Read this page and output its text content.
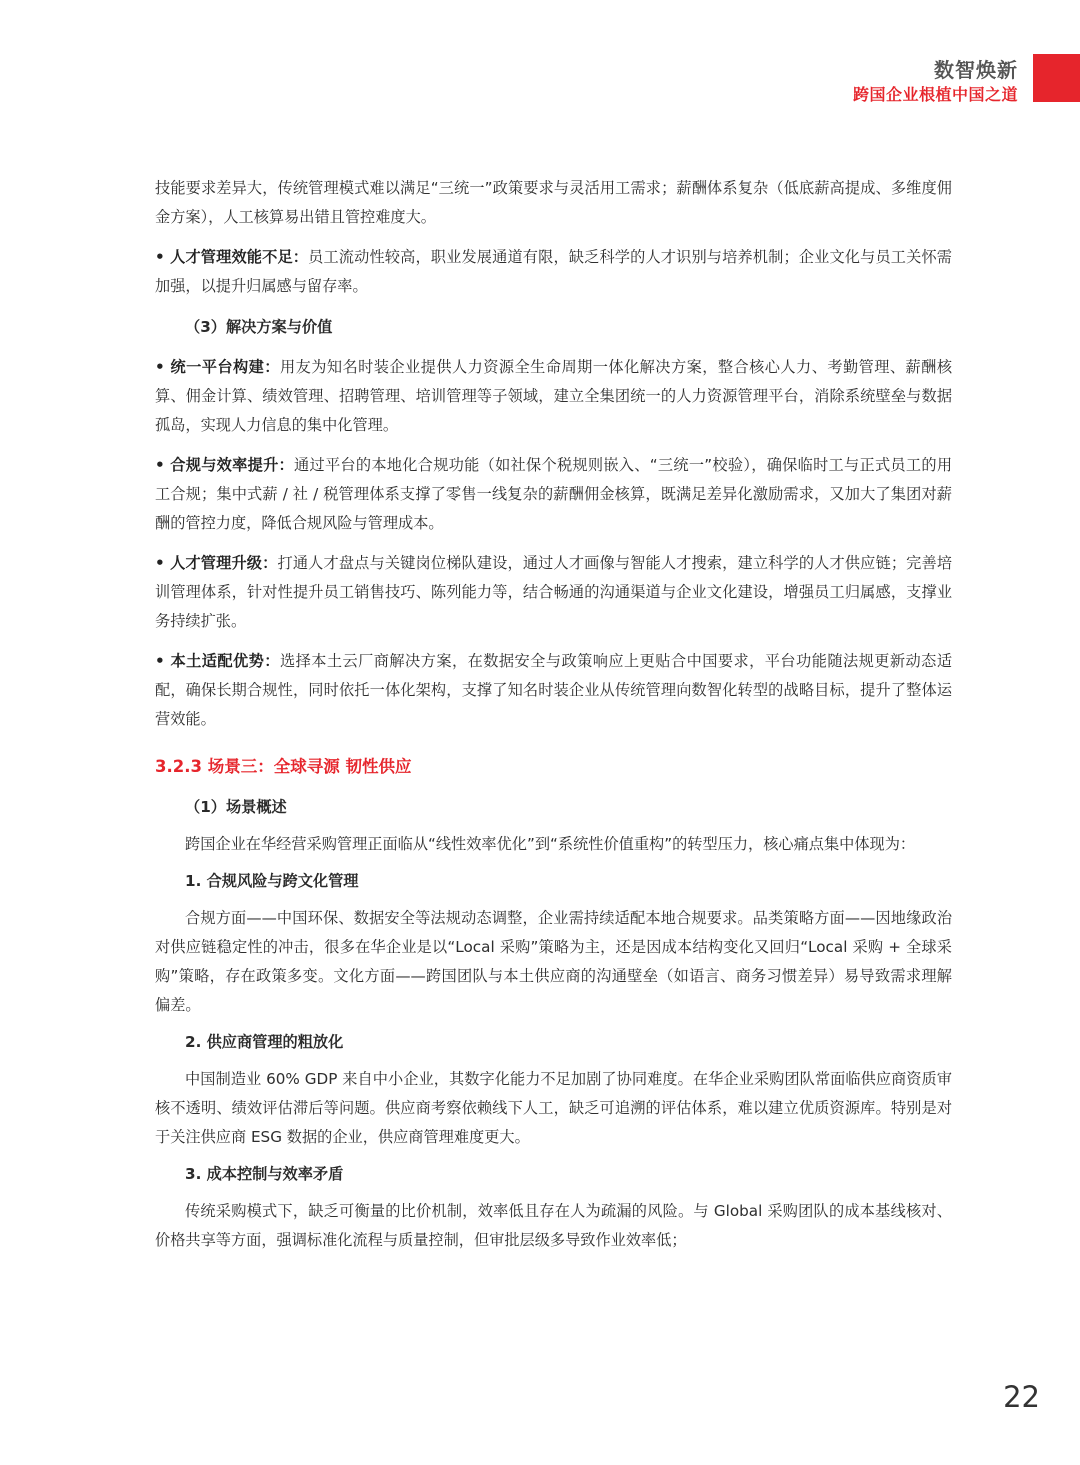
数智焕新
跨国企业根植中国之道

技能要求差异大，传统管理模式难以满足“三统一”政策要求与灵活用工需求；薪酬体系复杂（低底薪高提成、多维度佣金方案），人工核算易出错且管控难度大。

• 人才管理效能不足：员工流动性较高，职业发展通道有限，缺乏科学的人才识别与培养机制；企业文化与员工关怀需加强，以提升归属感与留存率。

（3）解决方案与价值

• 统一平台构建：用友为知名时装企业提供人力资源全生命周期一体化解决方案，整合核心人力、考勤管理、薪酬核算、佣金计算、绩效管理、招聘管理、培训管理等子领域，建立全集团统一的人力资源管理平台，消除系统壁垒与数据孤岛，实现人力信息的集中化管理。

• 合规与效率提升：通过平台的本地化合规功能（如社保个税规则嵌入、“三统一”校验），确保临时工与正式员工的用工合规；集中式薪 / 社 / 税管理体系支撑了零售一线复杂的薪酬佣金核算，既满足差异化激励需求，又加大了集团对薪酬的管控力度，降低合规风险与管理成本。

• 人才管理升级：打通人才盘点与关键岗位梯队建设，通过人才画像与智能人才搜索，建立科学的人才供应链；完善培训管理体系，针对性提升员工销售技巧、陈列能力等，结合畅通的沟通渠道与企业文化建设，增强员工归属感，支撑业务持续扩张。

• 本土适配优势：选择本土云厂商解决方案，在数据安全与政策响应上更贴合中国要求，平台功能随法规更新动态适配，确保长期合规性，同时依托一体化架构，支撑了知名时装企业从传统管理向数智化转型的战略目标，提升了整体运营效能。

3.2.3 场景三：全球寻源 韧性供应
（1）场景概述

跨国企业在华经营采购管理正面临从“线性效率优化”到“系统性价值重构”的转型压力，核心痛点集中体现为：

1. 合规风险与跨文化管理

合规方面——中国环保、数据安全等法规动态调整，企业需持续适配本地合规要求。品类策略方面——因地缘政治对供应链稳定性的冲击，很多在华企业是以“Local 采购”策略为主，还是因成本结构变化又回归“Local 采购 + 全球采购”策略，存在政策多变。文化方面——跨国团队与本土供应商的沟通壁垒（如语言、商务习惯差异）易导致需求理解偏差。

2. 供应商管理的粗放化

中国制造业 60% GDP 来自中小企业，其数字化能力不足加剧了协同难度。在华企业采购团队常面临供应商资质审核不透明、绩效评估滞后等问题。供应商考察依赖线下人工，缺乏可追溯的评估体系，难以建立优质资源库。特别是对于关注供应商 ESG 数据的企业，供应商管理难度更大。

3. 成本控制与效率矛盾

传统采购模式下，缺乏可衡量的比价机制，效率低且存在人为疏漏的风险。与 Global 采购团队的成本基线核对、价格共享等方面，强调标准化流程与质量控制，但审批层级多导致作业效率低；

22
